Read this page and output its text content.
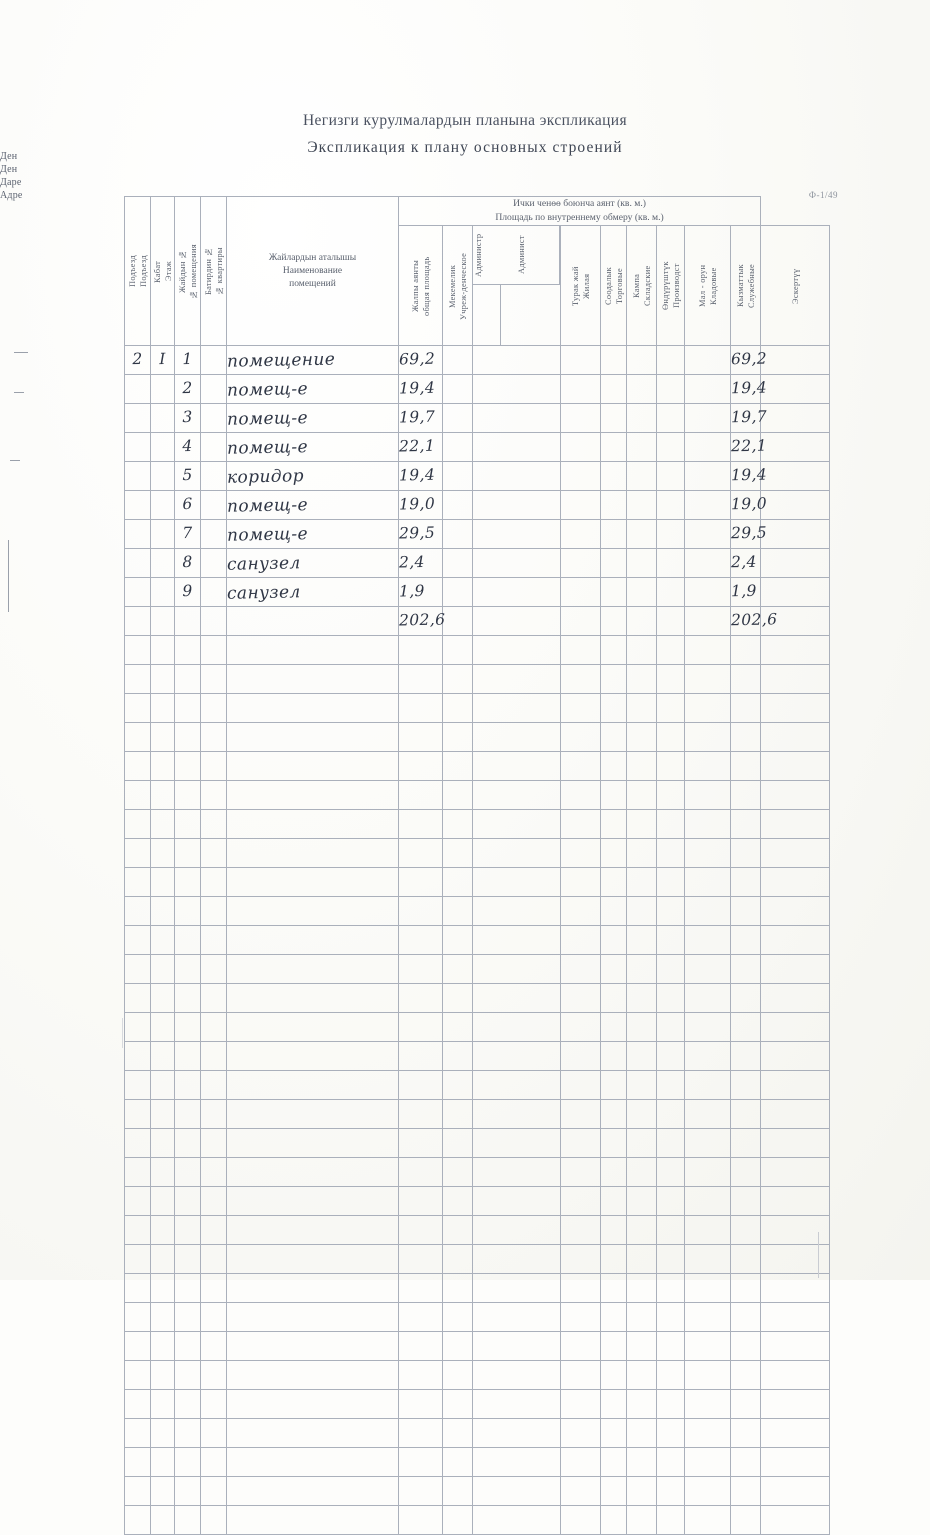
Ден
Ден
Даре
Адре
Негизги курулмалардын планына экспликация
Экспликация к плану основных строений
Ф-1/49
Подъезд Подъезд	Кабат Этаж	Жайдын № № помещения	Батирдин № № квартиры	Жайлардын аталышы
Наименование
помещений	Ички ченөө боюнча аянт (кв. м.)
Площадь по внутреннему обмеру (кв. м.)										
Жалпы аянты общая площадь	Мекемелик Учреж-денческое	Администр	Админист
	Турак жай Жилая	Соодалык Торговые	Кампа Складские	Өндүрүштүк Производст	Мал - орун Кладовые	Кызматтык Служебные	Эскертүү

2	I	1		помещение	69,2									69,2	

		2		помещ-е	19,4									19,4	

		3		помещ-е	19,7									19,7	

		4		помещ-е	22,1									22,1	

		5		коридор	19,4									19,4	

		6		помещ-е	19,0									19,0	

		7		помещ-е	29,5									29,5	

		8		санузел	2,4									2,4	

		9		санузел	1,9									1,9	

					202,6									202,6	
